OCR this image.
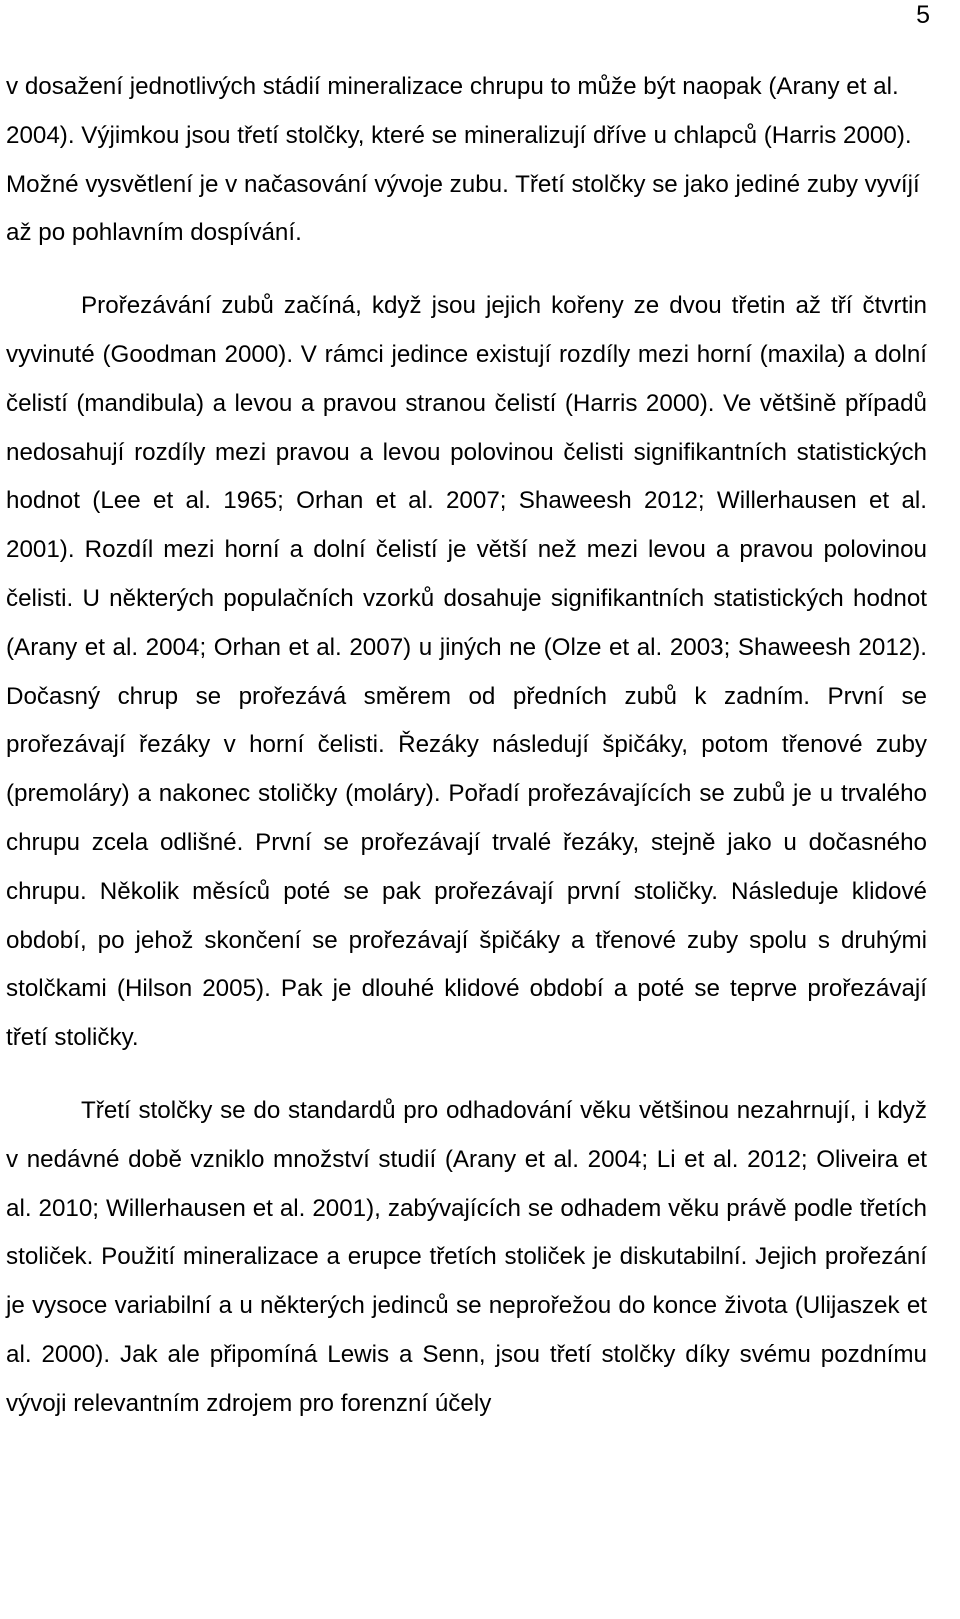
5

v dosažení jednotlivých stádií mineralizace chrupu to může být naopak (Arany et al. 2004). Výjimkou jsou třetí stolčky, které se mineralizují dříve u chlapců (Harris 2000). Možné vysvětlení je v načasování vývoje zubu. Třetí stolčky se jako jediné zuby vyvíjí až po pohlavním dospívání.

Prořezávání zubů začíná, když jsou jejich kořeny ze dvou třetin až tří čtvrtin vyvinuté (Goodman 2000). V rámci jedince existují rozdíly mezi horní (maxila) a dolní čelistí (mandibula) a levou a pravou stranou čelistí (Harris 2000). Ve většině případů nedosahují rozdíly mezi pravou a levou polovinou čelisti signifikantních statistických hodnot (Lee et al. 1965; Orhan et al. 2007; Shaweesh 2012; Willerhausen et al. 2001). Rozdíl mezi horní a dolní čelistí je větší než mezi levou a pravou polovinou čelisti. U některých populačních vzorků dosahuje signifikantních statistických hodnot (Arany et al. 2004; Orhan et al. 2007) u jiných ne (Olze et al. 2003; Shaweesh 2012). Dočasný chrup se prořezává směrem od předních zubů k zadním. První se prořezávají řezáky v horní čelisti. Řezáky následují špičáky, potom třenové zuby (premoláry) a nakonec stoličky (moláry). Pořadí prořezávajících se zubů je u trvalého chrupu zcela odlišné. První se prořezávají trvalé řezáky, stejně jako u dočasného chrupu. Několik měsíců poté se pak prořezávají první stoličky. Následuje klidové období, po jehož skončení se prořezávají špičáky a třenové zuby spolu s druhými stolčkami (Hilson 2005). Pak je dlouhé klidové období a poté se teprve prořezávají třetí stoličky.

Třetí stolčky se do standardů pro odhadování věku většinou nezahrnují, i když v nedávné době vzniklo množství studií (Arany et al. 2004; Li et al. 2012; Oliveira et al. 2010; Willerhausen et al. 2001), zabývajících se odhadem věku právě podle třetích stoliček. Použití mineralizace a erupce třetích stoliček je diskutabilní. Jejich prořezání je vysoce variabilní a u některých jedinců se neprořežou do konce života (Ulijaszek et al. 2000). Jak ale připomíná Lewis a Senn, jsou třetí stolčky díky svému pozdnímu vývoji relevantním zdrojem pro forenzní účely
